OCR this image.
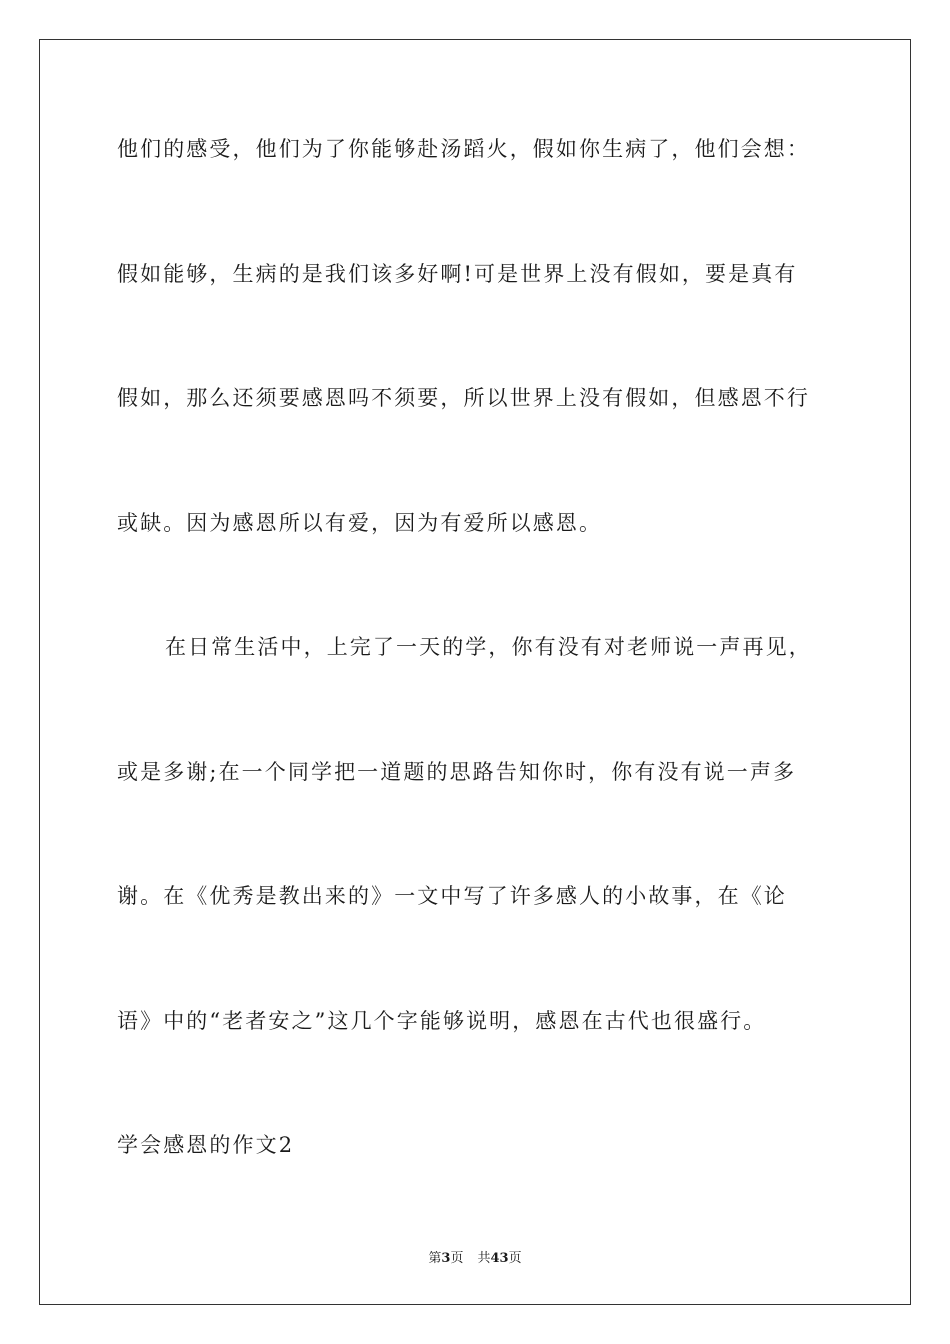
他们的感受，他们为了你能够赴汤蹈火，假如你生病了，他们会想：
假如能够，生病的是我们该多好啊!可是世界上没有假如，要是真有
假如，那么还须要感恩吗不须要，所以世界上没有假如，但感恩不行
或缺。因为感恩所以有爱，因为有爱所以感恩。
在日常生活中，上完了一天的学，你有没有对老师说一声再见，
或是多谢;在一个同学把一道题的思路告知你时，你有没有说一声多
谢。在《优秀是教出来的》一文中写了许多感人的小故事，在《论
语》中的“老者安之”这几个字能够说明，感恩在古代也很盛行。
学会感恩的作文2
第3页 共43页
